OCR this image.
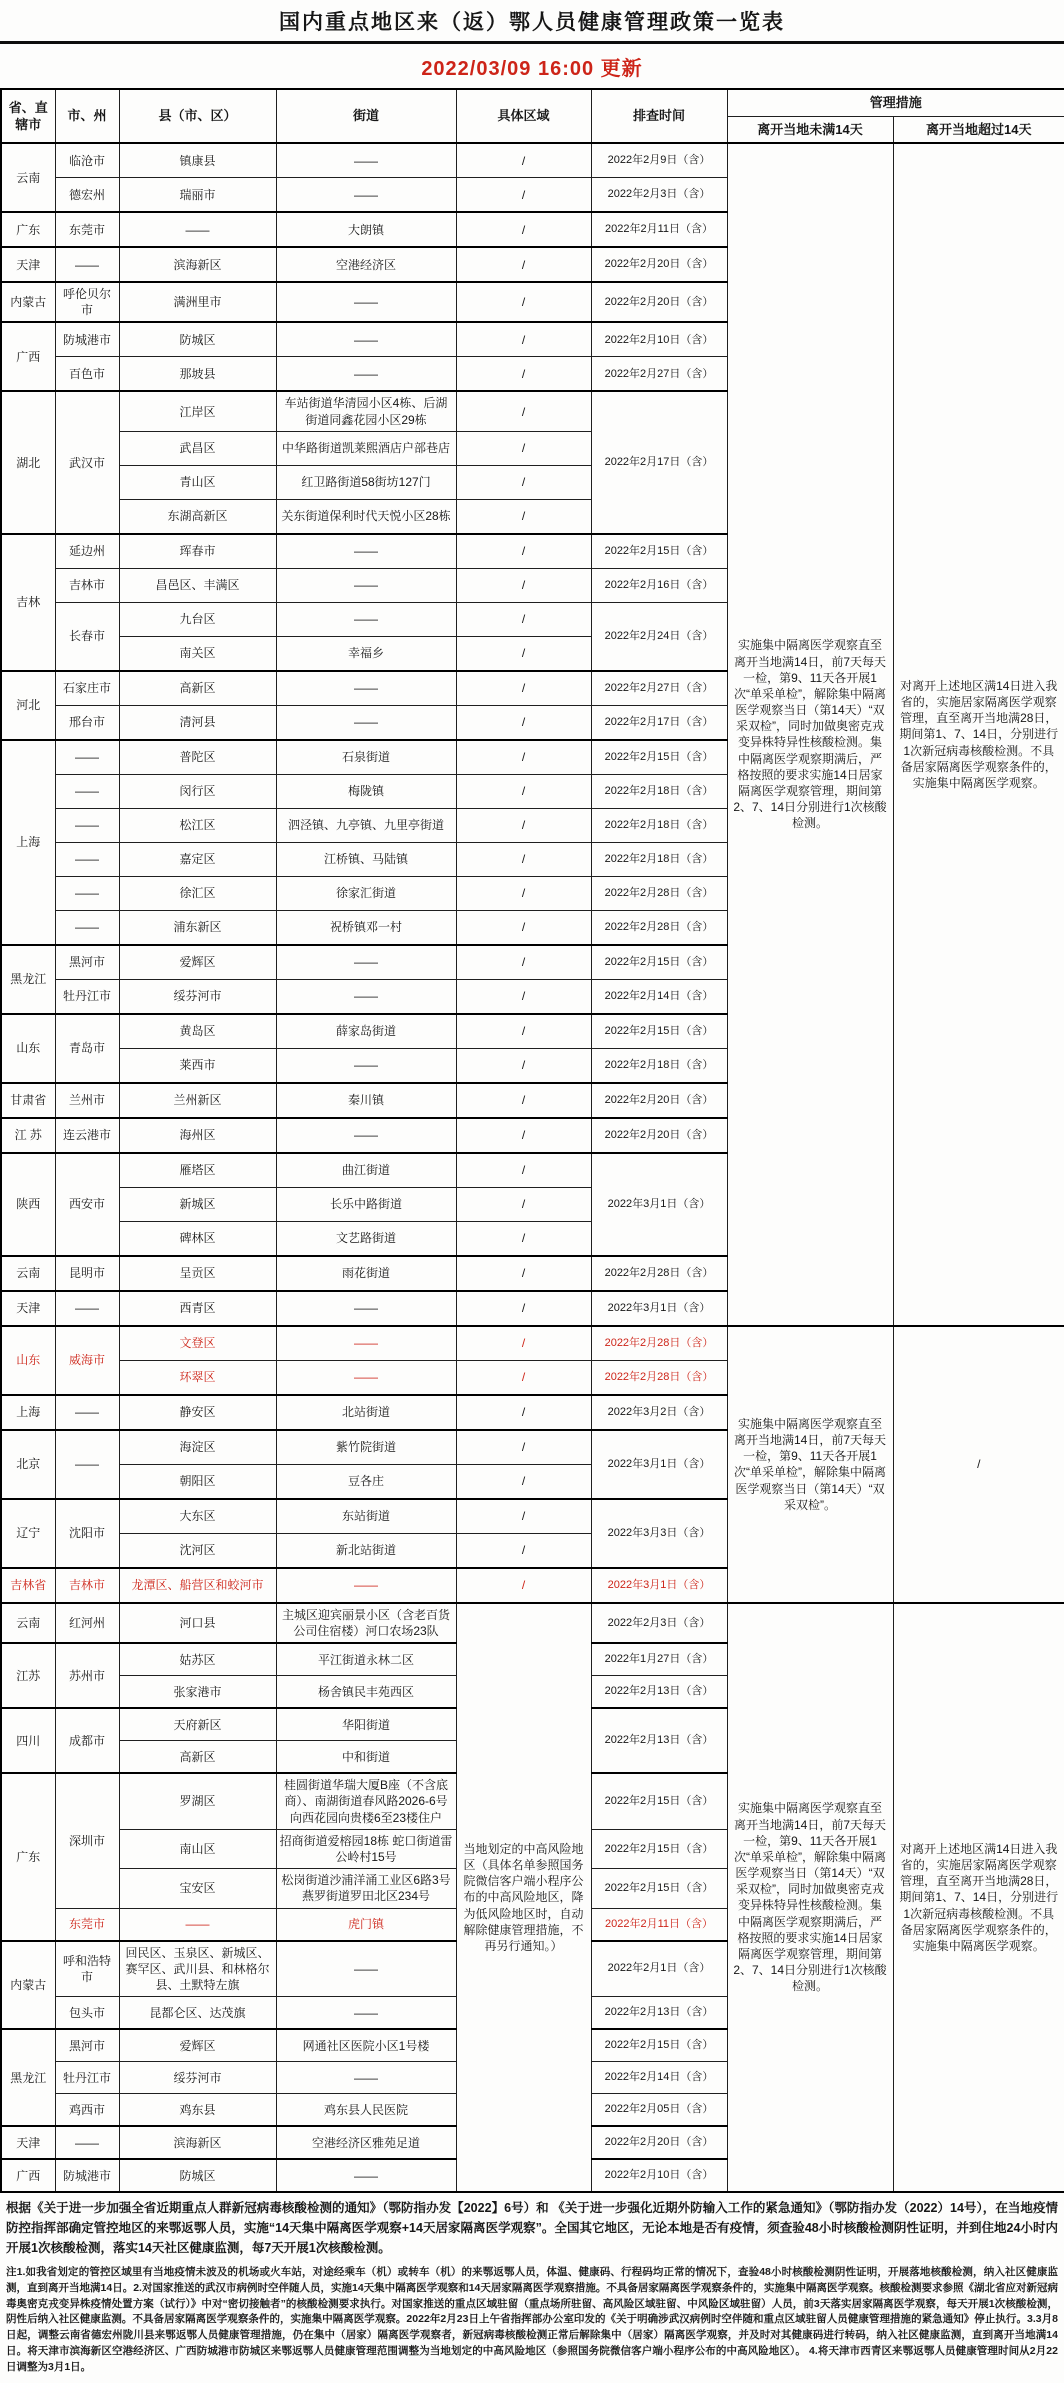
国内重点地区来（返）鄂人员健康管理政策一览表
2022/03/09 16:00 更新
省、直辖市	市、州	县（市、区）	街道	具体区域	排查时间	管理措施	
						离开当地未满14天	离开当地超过14天
云南	临沧市	镇康县	——	/	2022年2月9日（含）	实施集中隔离医学观察直至离开当地满14日，前7天每天一检，第9、11天各开展1次“单采单检”，解除集中隔离医学观察当日（第14天）“双采双检”，同时加做奥密克戎变异株特异性核酸检测。集中隔离医学观察期满后，严格按照的要求实施14日居家隔离医学观察管理，期间第2、7、14日分别进行1次核酸检测。	对离开上述地区满14日进入我省的，实施居家隔离医学观察管理，直至离开当地满28日，期间第1、7、14日，分别进行1次新冠病毒核酸检测。不具备居家隔离医学观察条件的，实施集中隔离医学观察。
	德宏州	瑞丽市	——	/	2022年2月3日（含）		
广东	东莞市	——	大朗镇	/	2022年2月11日（含）		
天津	——	滨海新区	空港经济区	/	2022年2月20日（含）		
内蒙古	呼伦贝尔市	满洲里市	——	/	2022年2月20日（含）		
广西	防城港市	防城区	——	/	2022年2月10日（含）		
	百色市	那坡县	——	/	2022年2月27日（含）		
湖北	武汉市	江岸区	车站街道华清园小区4栋、后湖街道同鑫花园小区29栋	/	2022年2月17日（含）		
		武昌区	中华路街道凯莱熙酒店户部巷店	/			
		青山区	红卫路街道58街坊127门	/			
		东湖高新区	关东街道保利时代天悦小区28栋	/			
吉林	延边州	珲春市	——	/	2022年2月15日（含）		
	吉林市	昌邑区、丰满区	——	/	2022年2月16日（含）		
	长春市	九台区	——	/	2022年2月24日（含）		
		南关区	幸福乡	/			
河北	石家庄市	高新区	——	/	2022年2月27日（含）		
	邢台市	清河县	——	/	2022年2月17日（含）		
上海	——	普陀区	石泉街道	/	2022年2月15日（含）		
	——	闵行区	梅陇镇	/	2022年2月18日（含）		
	——	松江区	泗泾镇、九亭镇、九里亭街道	/	2022年2月18日（含）		
	——	嘉定区	江桥镇、马陆镇	/	2022年2月18日（含）		
	——	徐汇区	徐家汇街道	/	2022年2月28日（含）		
	——	浦东新区	祝桥镇邓一村	/	2022年2月28日（含）		
黑龙江	黑河市	爱辉区	——	/	2022年2月15日（含）		
	牡丹江市	绥芬河市	——	/	2022年2月14日（含）		
山东	青岛市	黄岛区	薛家岛街道	/	2022年2月15日（含）		
		莱西市	——	/	2022年2月18日（含）		
甘肃省	兰州市	兰州新区	秦川镇	/	2022年2月20日（含）		
江 苏	连云港市	海州区	——	/	2022年2月20日（含）		
陕西	西安市	雁塔区	曲江街道	/	2022年3月1日（含）		
		新城区	长乐中路街道	/			
		碑林区	文艺路街道	/			
云南	昆明市	呈贡区	雨花街道	/	2022年2月28日（含）		
天津	——	西青区	——	/	2022年3月1日（含）		
山东	威海市	文登区	——	/	2022年2月28日（含）	实施集中隔离医学观察直至离开当地满14日，前7天每天一检，第9、11天各开展1次“单采单检”，解除集中隔离医学观察当日（第14天）“双采双检”。	/
		环翠区	——	/	2022年2月28日（含）		
上海	——	静安区	北站街道	/	2022年3月2日（含）		
北京	——	海淀区	紫竹院街道	/	2022年3月1日（含）		
		朝阳区	豆各庄	/			
辽宁	沈阳市	大东区	东站街道	/	2022年3月3日（含）		
		沈河区	新北站街道	/			
吉林省	吉林市	龙潭区、船营区和蛟河市	——	/	2022年3月1日（含）		
云南	红河州	河口县	主城区迎宾丽景小区（含老百货公司住宿楼）河口农场23队	当地划定的中高风险地区（具体名单参照国务院微信客户端小程序公布的中高风险地区，降为低风险地区时，自动解除健康管理措施，不再另行通知。）	2022年2月3日（含）	实施集中隔离医学观察直至离开当地满14日，前7天每天一检，第9、11天各开展1次“单采单检”，解除集中隔离医学观察当日（第14天）“双采双检”，同时加做奥密克戎变异株特异性核酸检测。集中隔离医学观察期满后，严格按照的要求实施14日居家隔离医学观察管理，期间第2、7、14日分别进行1次核酸检测。	对离开上述地区满14日进入我省的，实施居家隔离医学观察管理，直至离开当地满28日，期间第1、7、14日，分别进行1次新冠病毒核酸检测。不具备居家隔离医学观察条件的，实施集中隔离医学观察。
江苏	苏州市	姑苏区	平江街道永林二区		2022年1月27日（含）		
		张家港市	杨舍镇民丰苑西区		2022年2月13日（含）		
四川	成都市	天府新区	华阳街道		2022年2月13日（含）		
		高新区	中和街道				
广东	深圳市	罗湖区	桂圆街道华瑞大厦B座（不含底商）、南湖街道春风路2026-6号向西花园向贵楼6至23楼住户		2022年2月15日（含）		
		南山区	招商街道爱榕园18栋 蛇口街道雷公岭村15号		2022年2月15日（含）		
		宝安区	松岗街道沙浦洋涌工业区6路3号 燕罗街道罗田北区234号		2022年2月15日（含）		
	东莞市	——	虎门镇		2022年2月11日（含）		
内蒙古	呼和浩特市	回民区、玉泉区、新城区、赛罕区、武川县、和林格尔县、土默特左旗	——		2022年2月1日（含）		
	包头市	昆都仑区、达茂旗	——		2022年2月13日（含）		
黑龙江	黑河市	爱辉区	网通社区医院小区1号楼		2022年2月15日（含）		
	牡丹江市	绥芬河市	——		2022年2月14日（含）		
	鸡西市	鸡东县	鸡东县人民医院		2022年2月05日（含）		
天津	——	滨海新区	空港经济区雅苑足道		2022年2月20日（含）		
广西	防城港市	防城区	——		2022年2月10日（含）		
根据《关于进一步加强全省近期重点人群新冠病毒核酸检测的通知》（鄂防指办发【2022】6号）和 《关于进一步强化近期外防输入工作的紧急通知》（鄂防指办发（2022）14号），在当地疫情防控指挥部确定管控地区的来鄂返鄂人员，实施“14天集中隔离医学观察+14天居家隔离医学观察”。全国其它地区，无论本地是否有疫情，须查验48小时核酸检测阴性证明，并到住地24小时内开展1次核酸检测，落实14天社区健康监测，每7天开展1次核酸检测。
注1.如我省划定的管控区域里有当地疫情未波及的机场或火车站，对途经乘车（机）或转车（机）的来鄂返鄂人员，体温、健康码、行程码均正常的情况下，查验48小时核酸检测阴性证明，开展落地核酸检测，纳入社区健康监测，直到离开当地满14日。2.对国家推送的武汉市病例时空伴随人员，实施14天集中隔离医学观察和14天居家隔离医学观察措施。不具备居家隔离医学观察条件的，实施集中隔离医学观察。核酸检测要求参照《湖北省应对新冠病毒奥密克戎变异株疫情处置方案（试行）》中对“密切接触者”的核酸检测要求执行。对国家推送的重点区域驻留（重点场所驻留、高风险区域驻留、中风险区域驻留）人员，前3天落实居家隔离医学观察，每天开展1次核酸检测，阴性后纳入社区健康监测。不具备居家隔离医学观察条件的，实施集中隔离医学观察。2022年2月23日上午省指挥部办公室印发的《关于明确涉武汉病例时空伴随和重点区域驻留人员健康管理措施的紧急通知》停止执行。3.3月8日起，调整云南省德宏州陇川县来鄂返鄂人员健康管理措施，仍在集中（居家）隔离医学观察者，新冠病毒核酸检测正常后解除集中（居家）隔离医学观察，并及时对其健康码进行转码，纳入社区健康监测，直到离开当地满14日。将天津市滨海新区空港经济区、广西防城港市防城区来鄂返鄂人员健康管理范围调整为当地划定的中高风险地区（参照国务院微信客户端小程序公布的中高风险地区）。 4.将天津市西青区来鄂返鄂人员健康管理时间从2月22日调整为3月1日。
